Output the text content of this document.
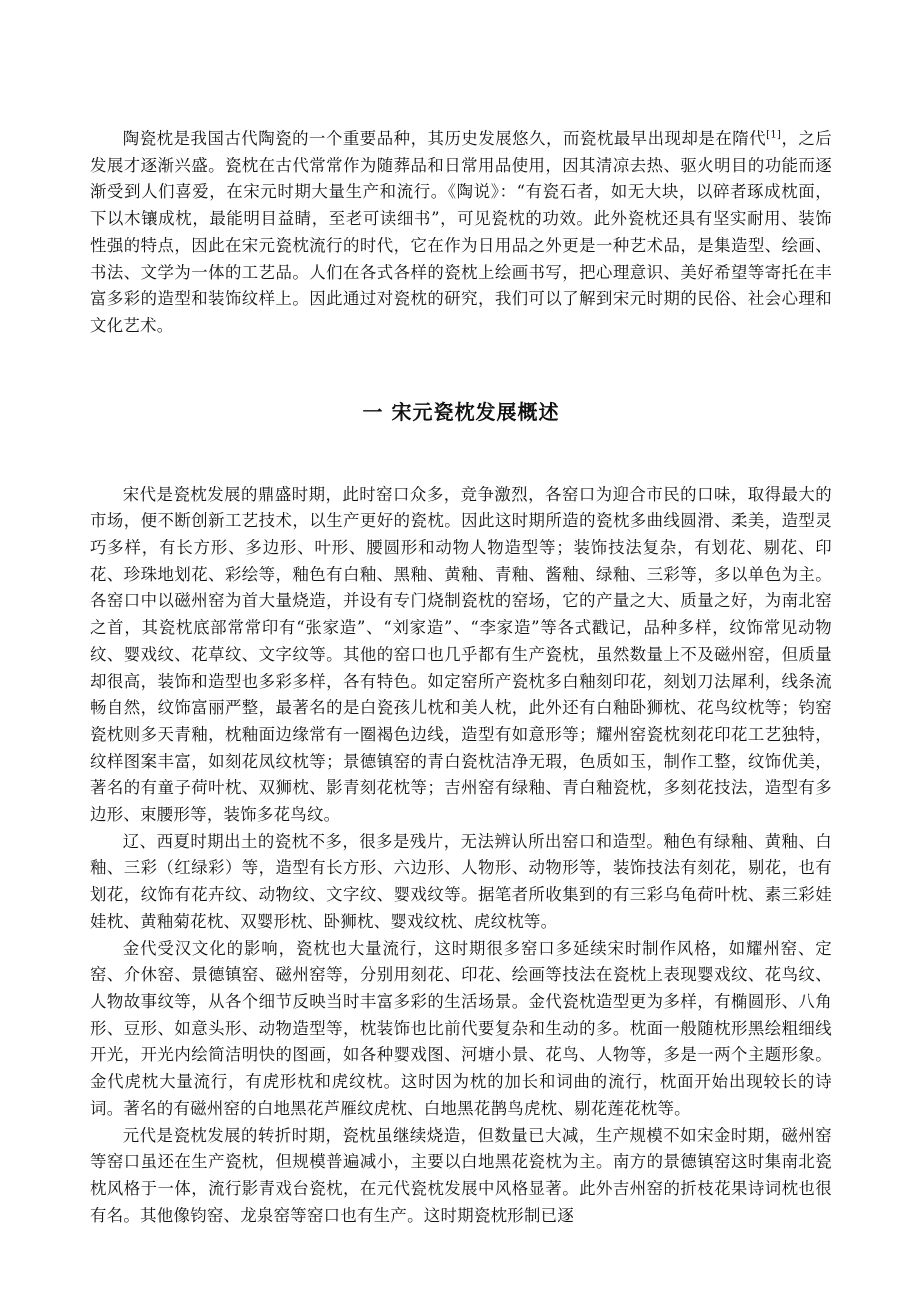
陶瓷枕是我国古代陶瓷的一个重要品种，其历史发展悠久，而瓷枕最早出现却是在隋代[1]，之后发展才逐渐兴盛。瓷枕在古代常常作为随葬品和日常用品使用，因其清凉去热、驱火明目的功能而逐渐受到人们喜爱，在宋元时期大量生产和流行。《陶说》：“有瓷石者，如无大块，以碎者琢成枕面，下以木镶成枕，最能明目益睛，至老可读细书”，可见瓷枕的功效。此外瓷枕还具有坚实耐用、装饰性强的特点，因此在宋元瓷枕流行的时代，它在作为日用品之外更是一种艺术品，是集造型、绘画、书法、文学为一体的工艺品。人们在各式各样的瓷枕上绘画书写，把心理意识、美好希望等寄托在丰富多彩的造型和装饰纹样上。因此通过对瓷枕的研究，我们可以了解到宋元时期的民俗、社会心理和文化艺术。

一 宋元瓷枕发展概述

宋代是瓷枕发展的鼎盛时期，此时窑口众多，竞争激烈，各窑口为迎合市民的口味，取得最大的市场，便不断创新工艺技术，以生产更好的瓷枕。因此这时期所造的瓷枕多曲线圆滑、柔美，造型灵巧多样，有长方形、多边形、叶形、腰圆形和动物人物造型等；装饰技法复杂，有划花、剔花、印花、珍珠地划花、彩绘等，釉色有白釉、黑釉、黄釉、青釉、酱釉、绿釉、三彩等，多以单色为主。各窑口中以磁州窑为首大量烧造，并设有专门烧制瓷枕的窑场，它的产量之大、质量之好，为南北窑之首，其瓷枕底部常常印有“张家造”、“刘家造”、“李家造”等各式戳记，品种多样，纹饰常见动物纹、婴戏纹、花草纹、文字纹等。其他的窑口也几乎都有生产瓷枕，虽然数量上不及磁州窑，但质量却很高，装饰和造型也多彩多样，各有特色。如定窑所产瓷枕多白釉刻印花，刻划刀法犀利，线条流畅自然，纹饰富丽严整，最著名的是白瓷孩儿枕和美人枕，此外还有白釉卧狮枕、花鸟纹枕等；钧窑瓷枕则多天青釉，枕釉面边缘常有一圈褐色边线，造型有如意形等；耀州窑瓷枕刻花印花工艺独特，纹样图案丰富，如刻花凤纹枕等；景德镇窑的青白瓷枕洁净无瑕，色质如玉，制作工整，纹饰优美，著名的有童子荷叶枕、双狮枕、影青刻花枕等；吉州窑有绿釉、青白釉瓷枕，多刻花技法，造型有多边形、束腰形等，装饰多花鸟纹。

辽、西夏时期出土的瓷枕不多，很多是残片，无法辨认所出窑口和造型。釉色有绿釉、黄釉、白釉、三彩（红绿彩）等，造型有长方形、六边形、人物形、动物形等，装饰技法有刻花，剔花，也有划花，纹饰有花卉纹、动物纹、文字纹、婴戏纹等。据笔者所收集到的有三彩乌龟荷叶枕、素三彩娃娃枕、黄釉菊花枕、双婴形枕、卧狮枕、婴戏纹枕、虎纹枕等。

金代受汉文化的影响，瓷枕也大量流行，这时期很多窑口多延续宋时制作风格，如耀州窑、定窑、介休窑、景德镇窑、磁州窑等，分别用刻花、印花、绘画等技法在瓷枕上表现婴戏纹、花鸟纹、人物故事纹等，从各个细节反映当时丰富多彩的生活场景。金代瓷枕造型更为多样，有椭圆形、八角形、豆形、如意头形、动物造型等，枕装饰也比前代要复杂和生动的多。枕面一般随枕形黑绘粗细线开光，开光内绘简洁明快的图画，如各种婴戏图、河塘小景、花鸟、人物等，多是一两个主题形象。金代虎枕大量流行，有虎形枕和虎纹枕。这时因为枕的加长和词曲的流行，枕面开始出现较长的诗词。著名的有磁州窑的白地黑花芦雁纹虎枕、白地黑花鹊鸟虎枕、剔花莲花枕等。

元代是瓷枕发展的转折时期，瓷枕虽继续烧造，但数量已大减，生产规模不如宋金时期，磁州窑等窑口虽还在生产瓷枕，但规模普遍减小，主要以白地黑花瓷枕为主。南方的景德镇窑这时集南北瓷枕风格于一体，流行影青戏台瓷枕，在元代瓷枕发展中风格显著。此外吉州窑的折枝花果诗词枕也很有名。其他像钧窑、龙泉窑等窑口也有生产。这时期瓷枕形制已逐
